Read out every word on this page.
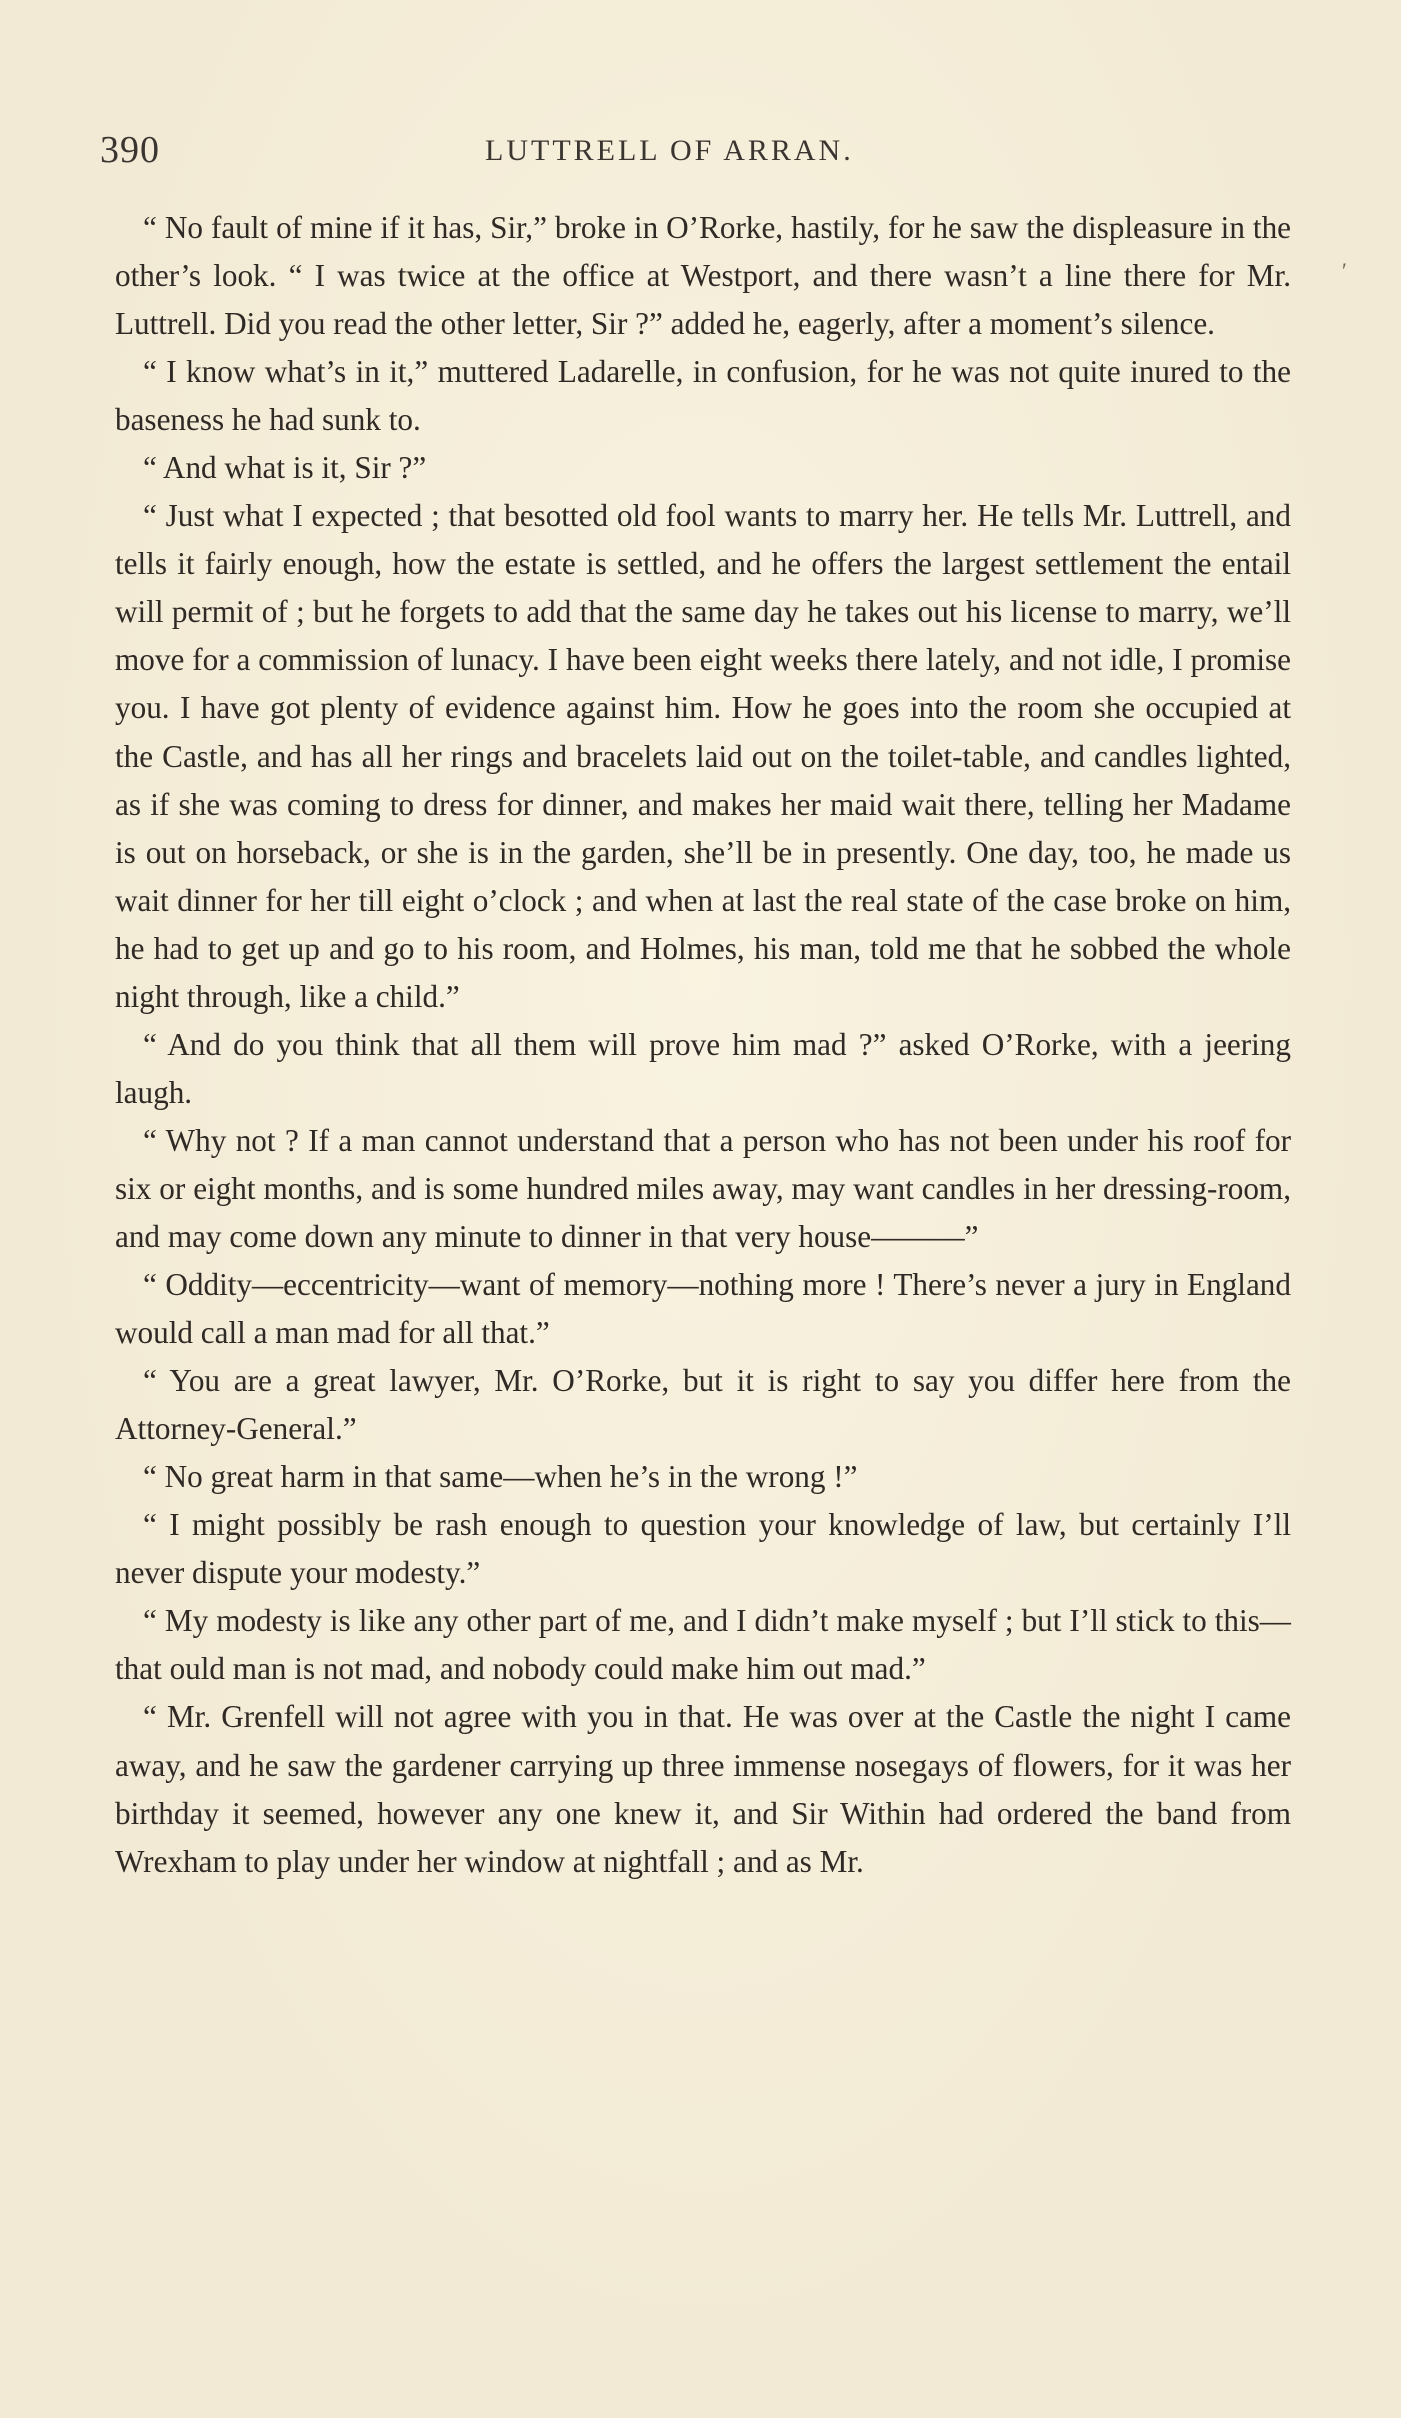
390	LUTTRELL OF ARRAN.
′

“ No fault of mine if it has, Sir,” broke in O’Rorke, hastily, for he saw the displeasure in the other’s look. “ I was twice at the office at Westport, and there wasn’t a line there for Mr. Luttrell. Did you read the other letter, Sir ?” added he, eagerly, after a moment’s silence.

“ I know what’s in it,” muttered Ladarelle, in confusion, for he was not quite inured to the baseness he had sunk to.

“ And what is it, Sir ?”

“ Just what I expected ; that besotted old fool wants to marry her. He tells Mr. Luttrell, and tells it fairly enough, how the estate is settled, and he offers the largest settlement the entail will permit of ; but he forgets to add that the same day he takes out his license to marry, we’ll move for a commission of lunacy. I have been eight weeks there lately, and not idle, I promise you. I have got plenty of evidence against him. How he goes into the room she occupied at the Castle, and has all her rings and bracelets laid out on the toilet-table, and candles lighted, as if she was coming to dress for dinner, and makes her maid wait there, telling her Madame is out on horseback, or she is in the garden, she’ll be in presently. One day, too, he made us wait dinner for her till eight o’clock ; and when at last the real state of the case broke on him, he had to get up and go to his room, and Holmes, his man, told me that he sobbed the whole night through, like a child.”

“ And do you think that all them will prove him mad ?” asked O’Rorke, with a jeering laugh.

“ Why not ? If a man cannot understand that a person who has not been under his roof for six or eight months, and is some hundred miles away, may want candles in her dressing-room, and may come down any minute to dinner in that very house———”

“ Oddity—eccentricity—want of memory—nothing more ! There’s never a jury in England would call a man mad for all that.”

“ You are a great lawyer, Mr. O’Rorke, but it is right to say you differ here from the Attorney-General.”

“ No great harm in that same—when he’s in the wrong !”

“ I might possibly be rash enough to question your knowledge of law, but certainly I’ll never dispute your modesty.”

“ My modesty is like any other part of me, and I didn’t make myself ; but I’ll stick to this—that ould man is not mad, and nobody could make him out mad.”

“ Mr. Grenfell will not agree with you in that. He was over at the Castle the night I came away, and he saw the gardener carrying up three immense nosegays of flowers, for it was her birthday it seemed, however any one knew it, and Sir Within had ordered the band from Wrexham to play under her window at nightfall ; and as Mr.
